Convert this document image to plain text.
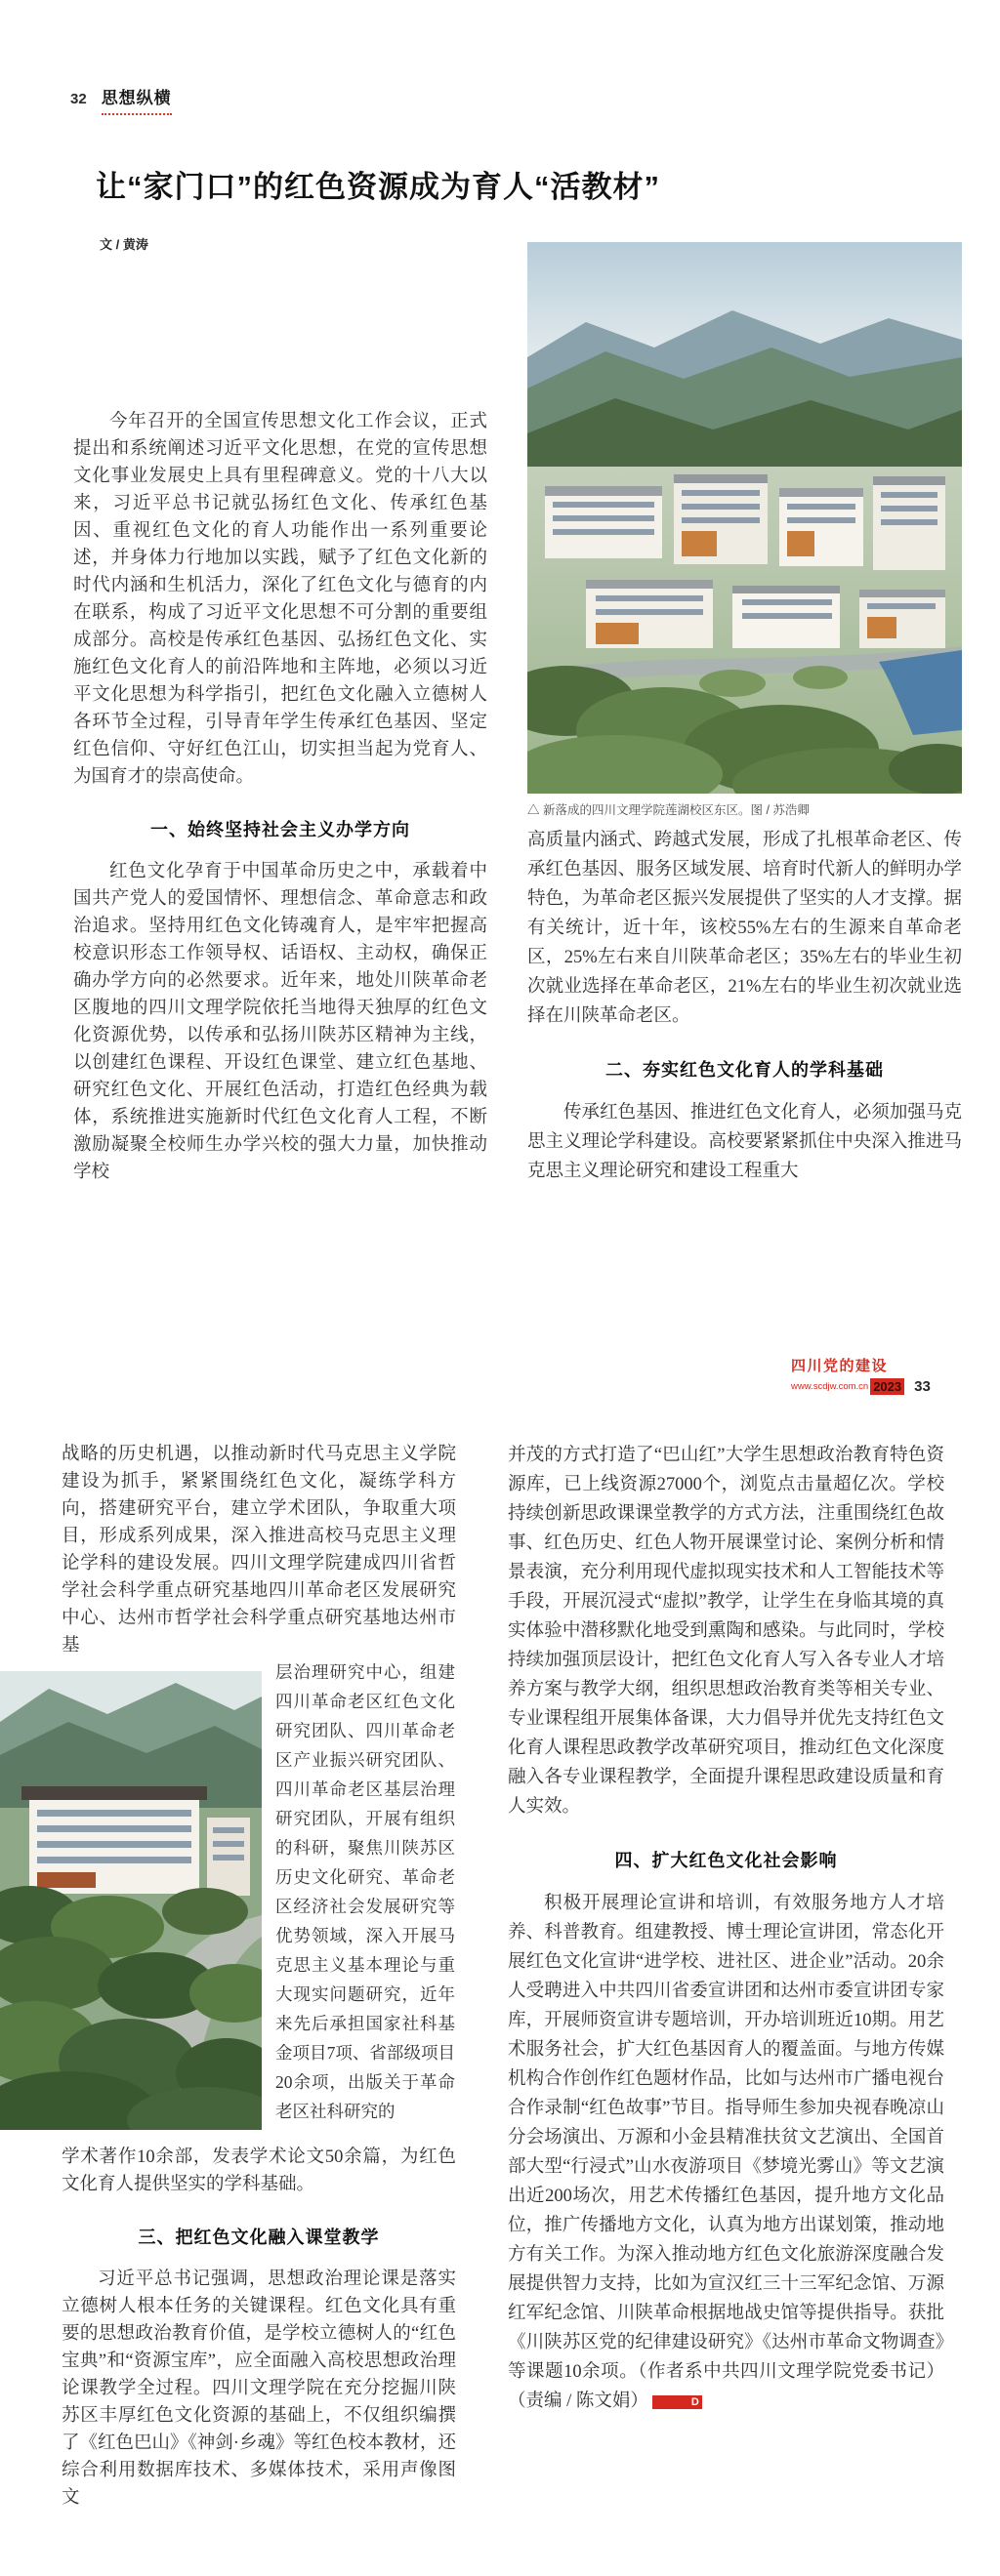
32 思想纵横
让“家门口”的红色资源成为育人“活教材”
文 / 黄涛
△ 新落成的四川文理学院莲湖校区东区。图 / 苏浩卿

今年召开的全国宣传思想文化工作会议，正式提出和系统阐述习近平文化思想，在党的宣传思想文化事业发展史上具有里程碑意义。党的十八大以来，习近平总书记就弘扬红色文化、传承红色基因、重视红色文化的育人功能作出一系列重要论述，并身体力行地加以实践，赋予了红色文化新的时代内涵和生机活力，深化了红色文化与德育的内在联系，构成了习近平文化思想不可分割的重要组成部分。高校是传承红色基因、弘扬红色文化、实施红色文化育人的前沿阵地和主阵地，必须以习近平文化思想为科学指引，把红色文化融入立德树人各环节全过程，引导青年学生传承红色基因、坚定红色信仰、守好红色江山，切实担当起为党育人、为国育才的崇高使命。

一、始终坚持社会主义办学方向

红色文化孕育于中国革命历史之中，承载着中国共产党人的爱国情怀、理想信念、革命意志和政治追求。坚持用红色文化铸魂育人，是牢牢把握高校意识形态工作领导权、话语权、主动权，确保正确办学方向的必然要求。近年来，地处川陕革命老区腹地的四川文理学院依托当地得天独厚的红色文化资源优势，以传承和弘扬川陕苏区精神为主线，以创建红色课程、开设红色课堂、建立红色基地、研究红色文化、开展红色活动，打造红色经典为载体，系统推进实施新时代红色文化育人工程，不断激励凝聚全校师生办学兴校的强大力量，加快推动学校

高质量内涵式、跨越式发展，形成了扎根革命老区、传承红色基因、服务区域发展、培育时代新人的鲜明办学特色，为革命老区振兴发展提供了坚实的人才支撑。据有关统计，近十年，该校55%左右的生源来自革命老区，25%左右来自川陕革命老区；35%左右的毕业生初次就业选择在革命老区，21%左右的毕业生初次就业选择在川陕革命老区。

二、夯实红色文化育人的学科基础

传承红色基因、推进红色文化育人，必须加强马克思主义理论学科建设。高校要紧紧抓住中央深入推进马克思主义理论研究和建设工程重大

四川党的建设
www.scdjw.com.cn 2023 33

战略的历史机遇，以推动新时代马克思主义学院建设为抓手，紧紧围绕红色文化，凝练学科方向，搭建研究平台，建立学术团队，争取重大项目，形成系列成果，深入推进高校马克思主义理论学科的建设发展。四川文理学院建成四川省哲学社会科学重点研究基地四川革命老区发展研究中心、达州市哲学社会科学重点研究基地达州市基

层治理研究中心，组建四川革命老区红色文化研究团队、四川革命老区产业振兴研究团队、四川革命老区基层治理研究团队，开展有组织的科研，聚焦川陕苏区历史文化研究、革命老区经济社会发展研究等优势领域，深入开展马克思主义基本理论与重大现实问题研究，近年来先后承担国家社科基金项目7项、省部级项目20余项，出版关于革命老区社科研究的

学术著作10余部，发表学术论文50余篇，为红色文化育人提供坚实的学科基础。

三、把红色文化融入课堂教学

习近平总书记强调，思想政治理论课是落实立德树人根本任务的关键课程。红色文化具有重要的思想政治教育价值，是学校立德树人的“红色宝典”和“资源宝库”，应全面融入高校思想政治理论课教学全过程。四川文理学院在充分挖掘川陕苏区丰厚红色文化资源的基础上，不仅组织编撰了《红色巴山》《神剑·乡魂》等红色校本教材，还综合利用数据库技术、多媒体技术，采用声像图文

并茂的方式打造了“巴山红”大学生思想政治教育特色资源库，已上线资源27000个，浏览点击量超亿次。学校持续创新思政课课堂教学的方式方法，注重围绕红色故事、红色历史、红色人物开展课堂讨论、案例分析和情景表演，充分利用现代虚拟现实技术和人工智能技术等手段，开展沉浸式“虚拟”教学，让学生在身临其境的真实体验中潜移默化地受到熏陶和感染。与此同时，学校持续加强顶层设计，把红色文化育人写入各专业人才培养方案与教学大纲，组织思想政治教育类等相关专业、专业课程组开展集体备课，大力倡导并优先支持红色文化育人课程思政教学改革研究项目，推动红色文化深度融入各专业课程教学，全面提升课程思政建设质量和育人实效。

四、扩大红色文化社会影响

积极开展理论宣讲和培训，有效服务地方人才培养、科普教育。组建教授、博士理论宣讲团，常态化开展红色文化宣讲“进学校、进社区、进企业”活动。20余人受聘进入中共四川省委宣讲团和达州市委宣讲团专家库，开展师资宣讲专题培训，开办培训班近10期。用艺术服务社会，扩大红色基因育人的覆盖面。与地方传媒机构合作创作红色题材作品，比如与达州市广播电视台合作录制“红色故事”节目。指导师生参加央视春晚凉山分会场演出、万源和小金县精准扶贫文艺演出、全国首部大型“行浸式”山水夜游项目《梦境光雾山》等文艺演出近200场次，用艺术传播红色基因，提升地方文化品位，推广传播地方文化，认真为地方出谋划策，推动地方有关工作。为深入推动地方红色文化旅游深度融合发展提供智力支持，比如为宣汉红三十三军纪念馆、万源红军纪念馆、川陕革命根据地战史馆等提供指导。获批《川陕苏区党的纪律建设研究》《达州市革命文物调查》等课题10余项。（作者系中共四川文理学院党委书记）（责编 / 陈文娟）	D
